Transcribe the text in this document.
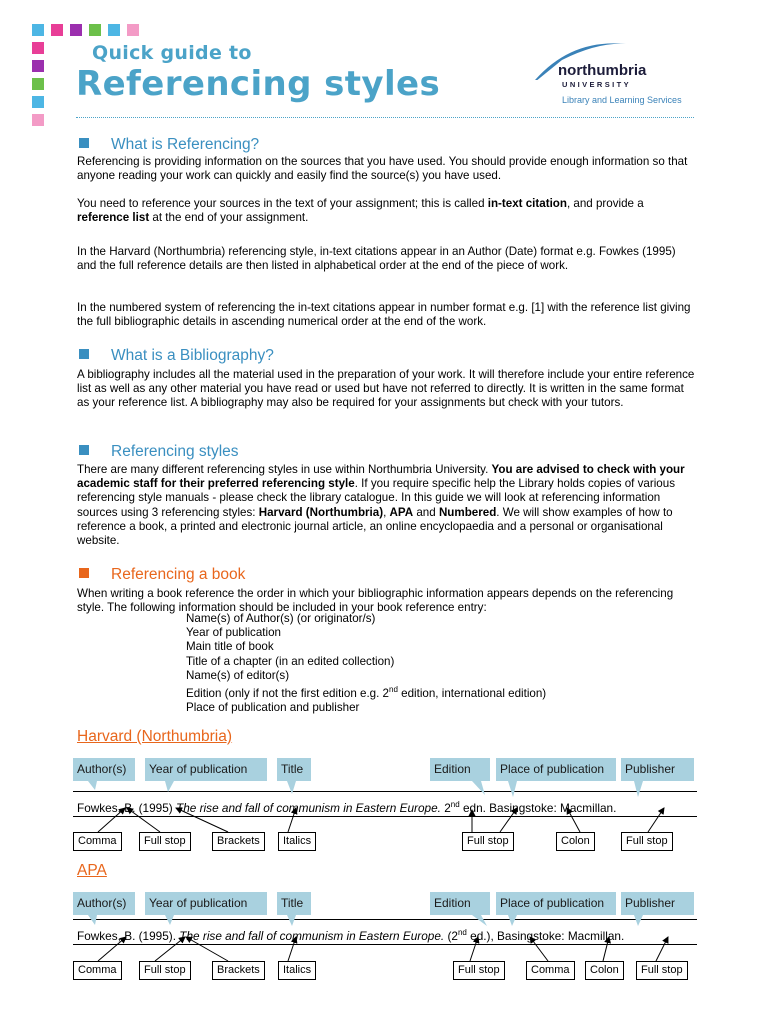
Quick guide to
Referencing styles	northumbria
UNIVERSITY
Library and Learning Services
What is Referencing?
Referencing is providing information on the sources that you have used. You should provide enough information so that anyone reading your work can quickly and easily find the source(s) you have used.
You need to reference your sources in the text of your assignment; this is called in-text citation, and provide a reference list at the end of your assignment.
In the Harvard (Northumbria) referencing style, in-text citations appear in an Author (Date) format e.g. Fowkes (1995) and the full reference details are then listed in alphabetical order at the end of the piece of work.
In the numbered system of referencing the in-text citations appear in number format e.g. [1] with the reference list giving the full bibliographic details in ascending numerical order at the end of the work.
What is a Bibliography?
A bibliography includes all the material used in the preparation of your work. It will therefore include your entire reference list as well as any other material you have read or used but have not referred to directly. It is written in the same format as your reference list. A bibliography may also be required for your assignments but check with your tutors.
Referencing styles
There are many different referencing styles in use within Northumbria University. You are advised to check with your academic staff for their preferred referencing style. If you require specific help the Library holds copies of various referencing style manuals - please check the library catalogue. In this guide we will look at referencing information sources using 3 referencing styles: Harvard (Northumbria), APA and Numbered. We will show examples of how to reference a book, a printed and electronic journal article, an online encyclopaedia and a personal or organisational website.
Referencing a book
When writing a book reference the order in which your bibliographic information appears depends on the referencing style. The following information should be included in your book reference entry:
Name(s) of Author(s) (or originator/s)
Year of publication
Main title of book
Title of a chapter (in an edited collection)
Name(s) of editor(s)
Edition (only if not the first edition e.g. 2nd edition, international edition)
Place of publication and publisher
Harvard (Northumbria)
Author(s)	Year of publication	Title	Edition	Place of publication	Publisher
Fowkes, B. (1995) The rise and fall of communism in Eastern Europe. 2nd edn. Basingstoke: Macmillan.
Comma	Full stop	Brackets	Italics	Full stop	Colon	Full stop
APA
Author(s)	Year of publication	Title	Edition	Place of publication	Publisher
Fowkes, B. (1995). The rise and fall of communism in Eastern Europe. (2nd ed.), Basingstoke: Macmillan.
Comma	Full stop	Brackets	Italics	Full stop	Comma	Colon	Full stop
